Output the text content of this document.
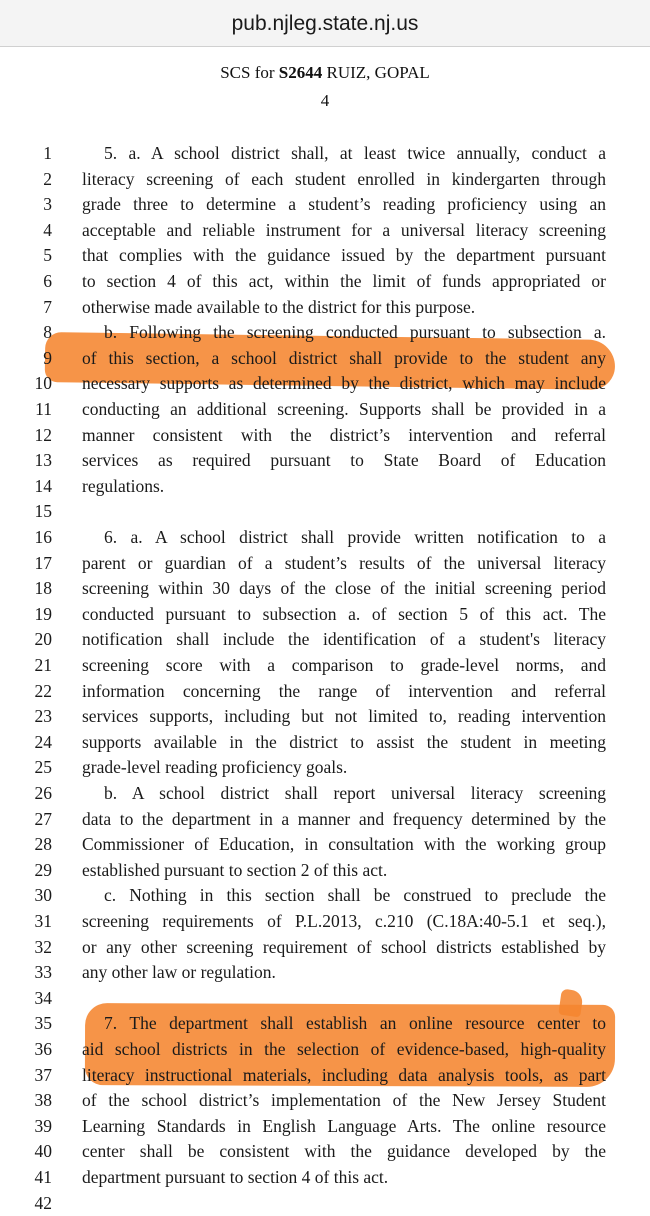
pub.njleg.state.nj.us
SCS for S2644 RUIZ, GOPAL
4
1	5. a. A school district shall, at least twice annually, conduct a
2 literacy screening of each student enrolled in kindergarten through
3 grade three to determine a student’s reading proficiency using an
4 acceptable and reliable instrument for a universal literacy screening
5 that complies with the guidance issued by the department pursuant
6 to section 4 of this act, within the limit of funds appropriated or
7 otherwise made available to the district for this purpose.
8	b. Following the screening conducted pursuant to subsection a.
9 of this section, a school district shall provide to the student any
10 necessary supports as determined by the district, which may include
11 conducting an additional screening. Supports shall be provided in a
12 manner consistent with the district’s intervention and referral
13 services as required pursuant to State Board of Education
14 regulations.
15
16	6. a. A school district shall provide written notification to a
17 parent or guardian of a student’s results of the universal literacy
18 screening within 30 days of the close of the initial screening period
19 conducted pursuant to subsection a. of section 5 of this act. The
20 notification shall include the identification of a student's literacy
21 screening score with a comparison to grade-level norms, and
22 information concerning the range of intervention and referral
23 services supports, including but not limited to, reading intervention
24 supports available in the district to assist the student in meeting
25 grade-level reading proficiency goals.
26	b. A school district shall report universal literacy screening
27 data to the department in a manner and frequency determined by the
28 Commissioner of Education, in consultation with the working group
29 established pursuant to section 2 of this act.
30	c. Nothing in this section shall be construed to preclude the
31 screening requirements of P.L.2013, c.210 (C.18A:40-5.1 et seq.),
32 or any other screening requirement of school districts established by
33 any other law or regulation.
34
35	7. The department shall establish an online resource center to
36 aid school districts in the selection of evidence-based, high-quality
37 literacy instructional materials, including data analysis tools, as part
38 of the school district’s implementation of the New Jersey Student
39 Learning Standards in English Language Arts. The online resource
40 center shall be consistent with the guidance developed by the
41 department pursuant to section 4 of this act.
42
